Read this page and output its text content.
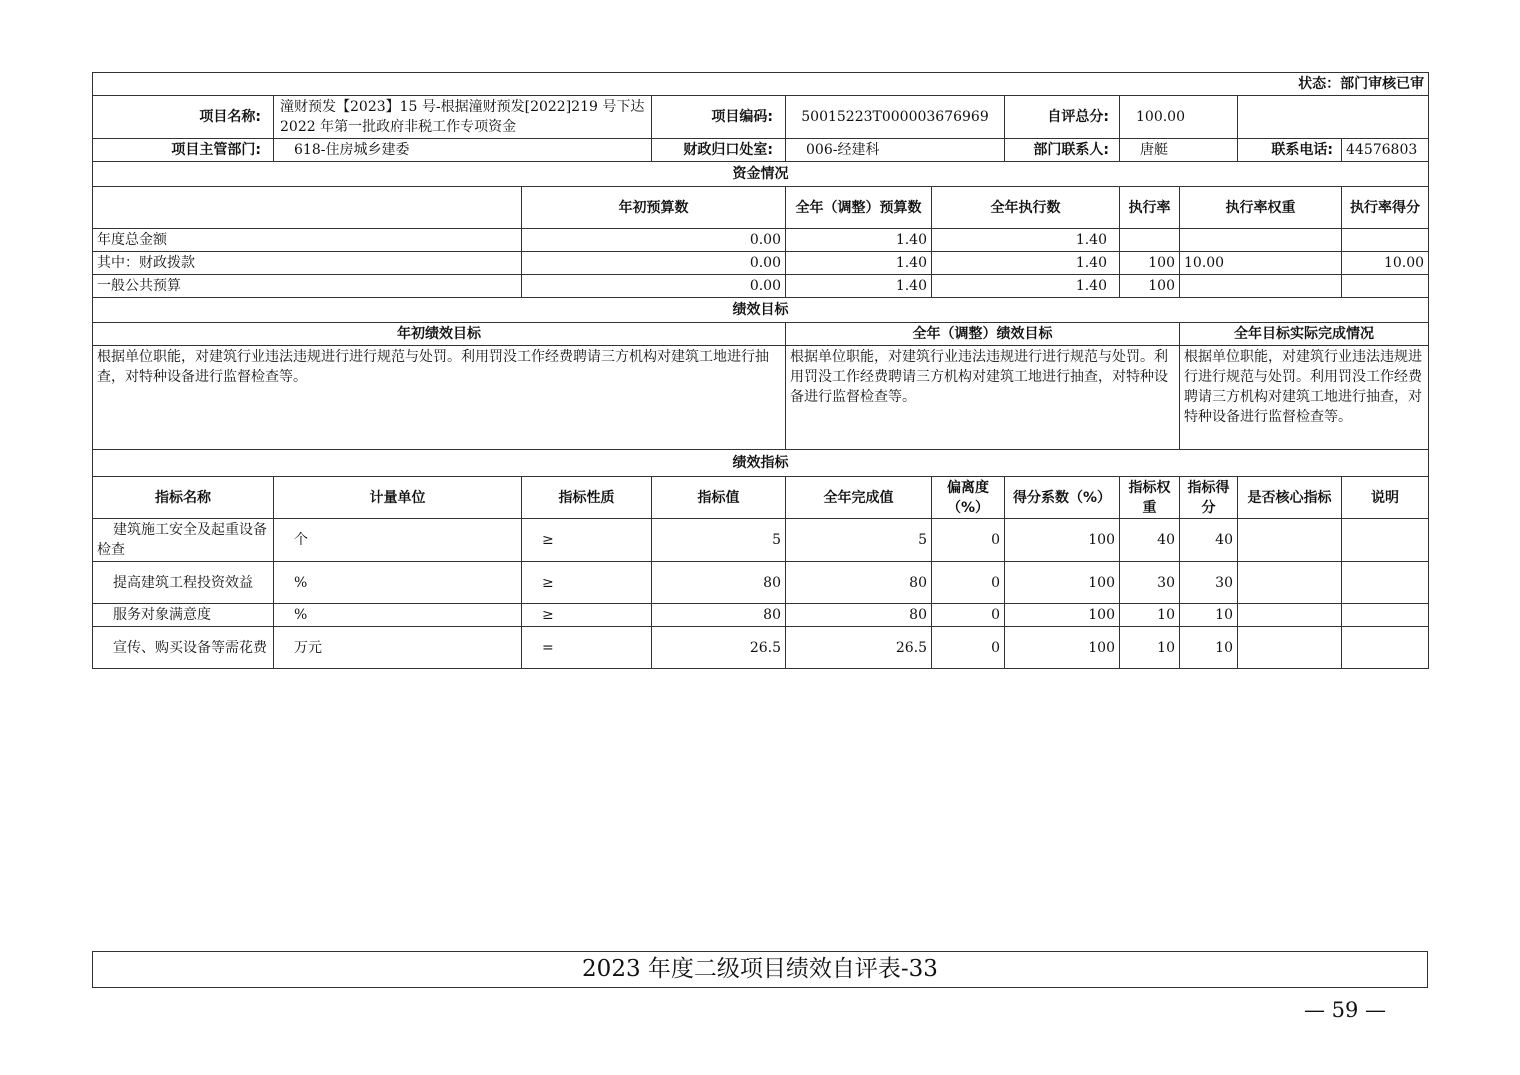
状态：部门审核已审										
项目名称:	潼财预发【2023】15 号-根据潼财预发[2022]219 号下达 2022 年第一批政府非税工作专项资金		项目编码:	50015223T000003676969		自评总分:	100.00			
项目主管部门:	618-住房城乡建委		财政归口处室:	006-经建科		部门联系人:	唐艇		联系电话:	44576803
资金情况										
		年初预算数		全年（调整）预算数	全年执行数		执行率	执行率权重		执行率得分
年度总金额		0.00		1.40	1.40					
其中：财政拨款		0.00		1.40	1.40		100	10.00		10.00
一般公共预算		0.00		1.40	1.40		100			
绩效目标										
年初绩效目标				全年（调整）绩效目标				全年目标实际完成情况		
根据单位职能，对建筑行业违法违规进行进行规范与处罚。利用罚没工作经费聘请三方机构对建筑工地进行抽查，对特种设备进行监督检查等。				根据单位职能，对建筑行业违法违规进行进行规范与处罚。利用罚没工作经费聘请三方机构对建筑工地进行抽查，对特种设备进行监督检查等。				根据单位职能，对建筑行业违法违规进行进行规范与处罚。利用罚没工作经费聘请三方机构对建筑工地进行抽查，对特种设备进行监督检查等。		
绩效指标										
指标名称	计量单位	指标性质	指标值	全年完成值	偏离度（%）	得分系数（%）	指标权重	指标得分	是否核心指标	说明
建筑施工安全及起重设备检查	个	≥	5	5	0	100	40	40		
提高建筑工程投资效益	%	≥	80	80	0	100	30	30		
服务对象满意度	%	≥	80	80	0	100	10	10		
宣传、购买设备等需花费	万元	=	26.5	26.5	0	100	10	10		
2023 年度二级项目绩效自评表-33
— 59 —
